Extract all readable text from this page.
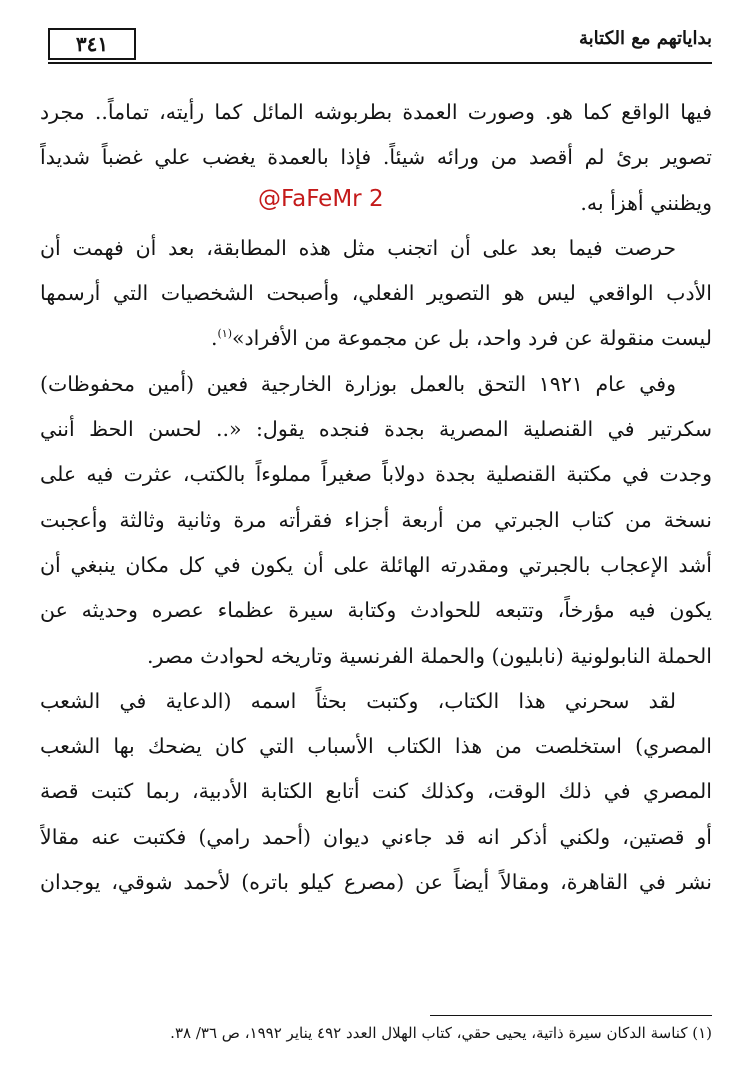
٣٤١	بداياتهم مع الكتابة
فيها الواقع كما هو. وصورت العمدة بطربوشه المائل كما رأيته، تماماً.. مجرد
تصوير برئ لم أقصد من ورائه شيئاً. فإذا بالعمدة يغضب علي غضباً شديداً
ويظنني أهزأ به.
حرصت فيما بعد على أن اتجنب مثل هذه المطابقة، بعد أن فهمت أن
الأدب الواقعي ليس هو التصوير الفعلي، وأصبحت الشخصيات التي أرسمها
ليست منقولة عن فرد واحد، بل عن مجموعة من الأفراد»$^{(١)}$.
وفي عام ١٩٢١ التحق بالعمل بوزارة الخارجية فعين (أمين محفوظات)
سكرتير في القنصلية المصرية بجدة فنجده يقول: «.. لحسن الحظ أنني
وجدت في مكتبة القنصلية بجدة دولاباً صغيراً مملوءاً بالكتب، عثرت فيه على
نسخة من كتاب الجبرتي من أربعة أجزاء فقرأته مرة وثانية وثالثة وأعجبت
أشد الإعجاب بالجبرتي ومقدرته الهائلة على أن يكون في كل مكان ينبغي أن
يكون فيه مؤرخاً، وتتبعه للحوادث وكتابة سيرة عظماء عصره وحديثه عن
الحملة النابولونية (نابليون) والحملة الفرنسية وتاريخه لحوادث مصر.
لقد سحرني هذا الكتاب، وكتبت بحثاً اسمه (الدعاية في الشعب
المصري) استخلصت من هذا الكتاب الأسباب التي كان يضحك بها الشعب
المصري في ذلك الوقت، وكذلك كنت أتابع الكتابة الأدبية، ربما كتبت قصة
أو قصتين، ولكني أذكر انه قد جاءني ديوان (أحمد رامي) فكتبت عنه مقالاً
نشر في القاهرة، ومقالاً أيضاً عن (مصرع كيلو باتره) لأحمد شوقي، يوجدان
@FaFeMr 2
(١) كناسة الدكان سيرة ذاتية، يحيى حقي، كتاب الهلال العدد ٤٩٢ يناير ١٩٩٢، ص ٣٦/ ٣٨.
